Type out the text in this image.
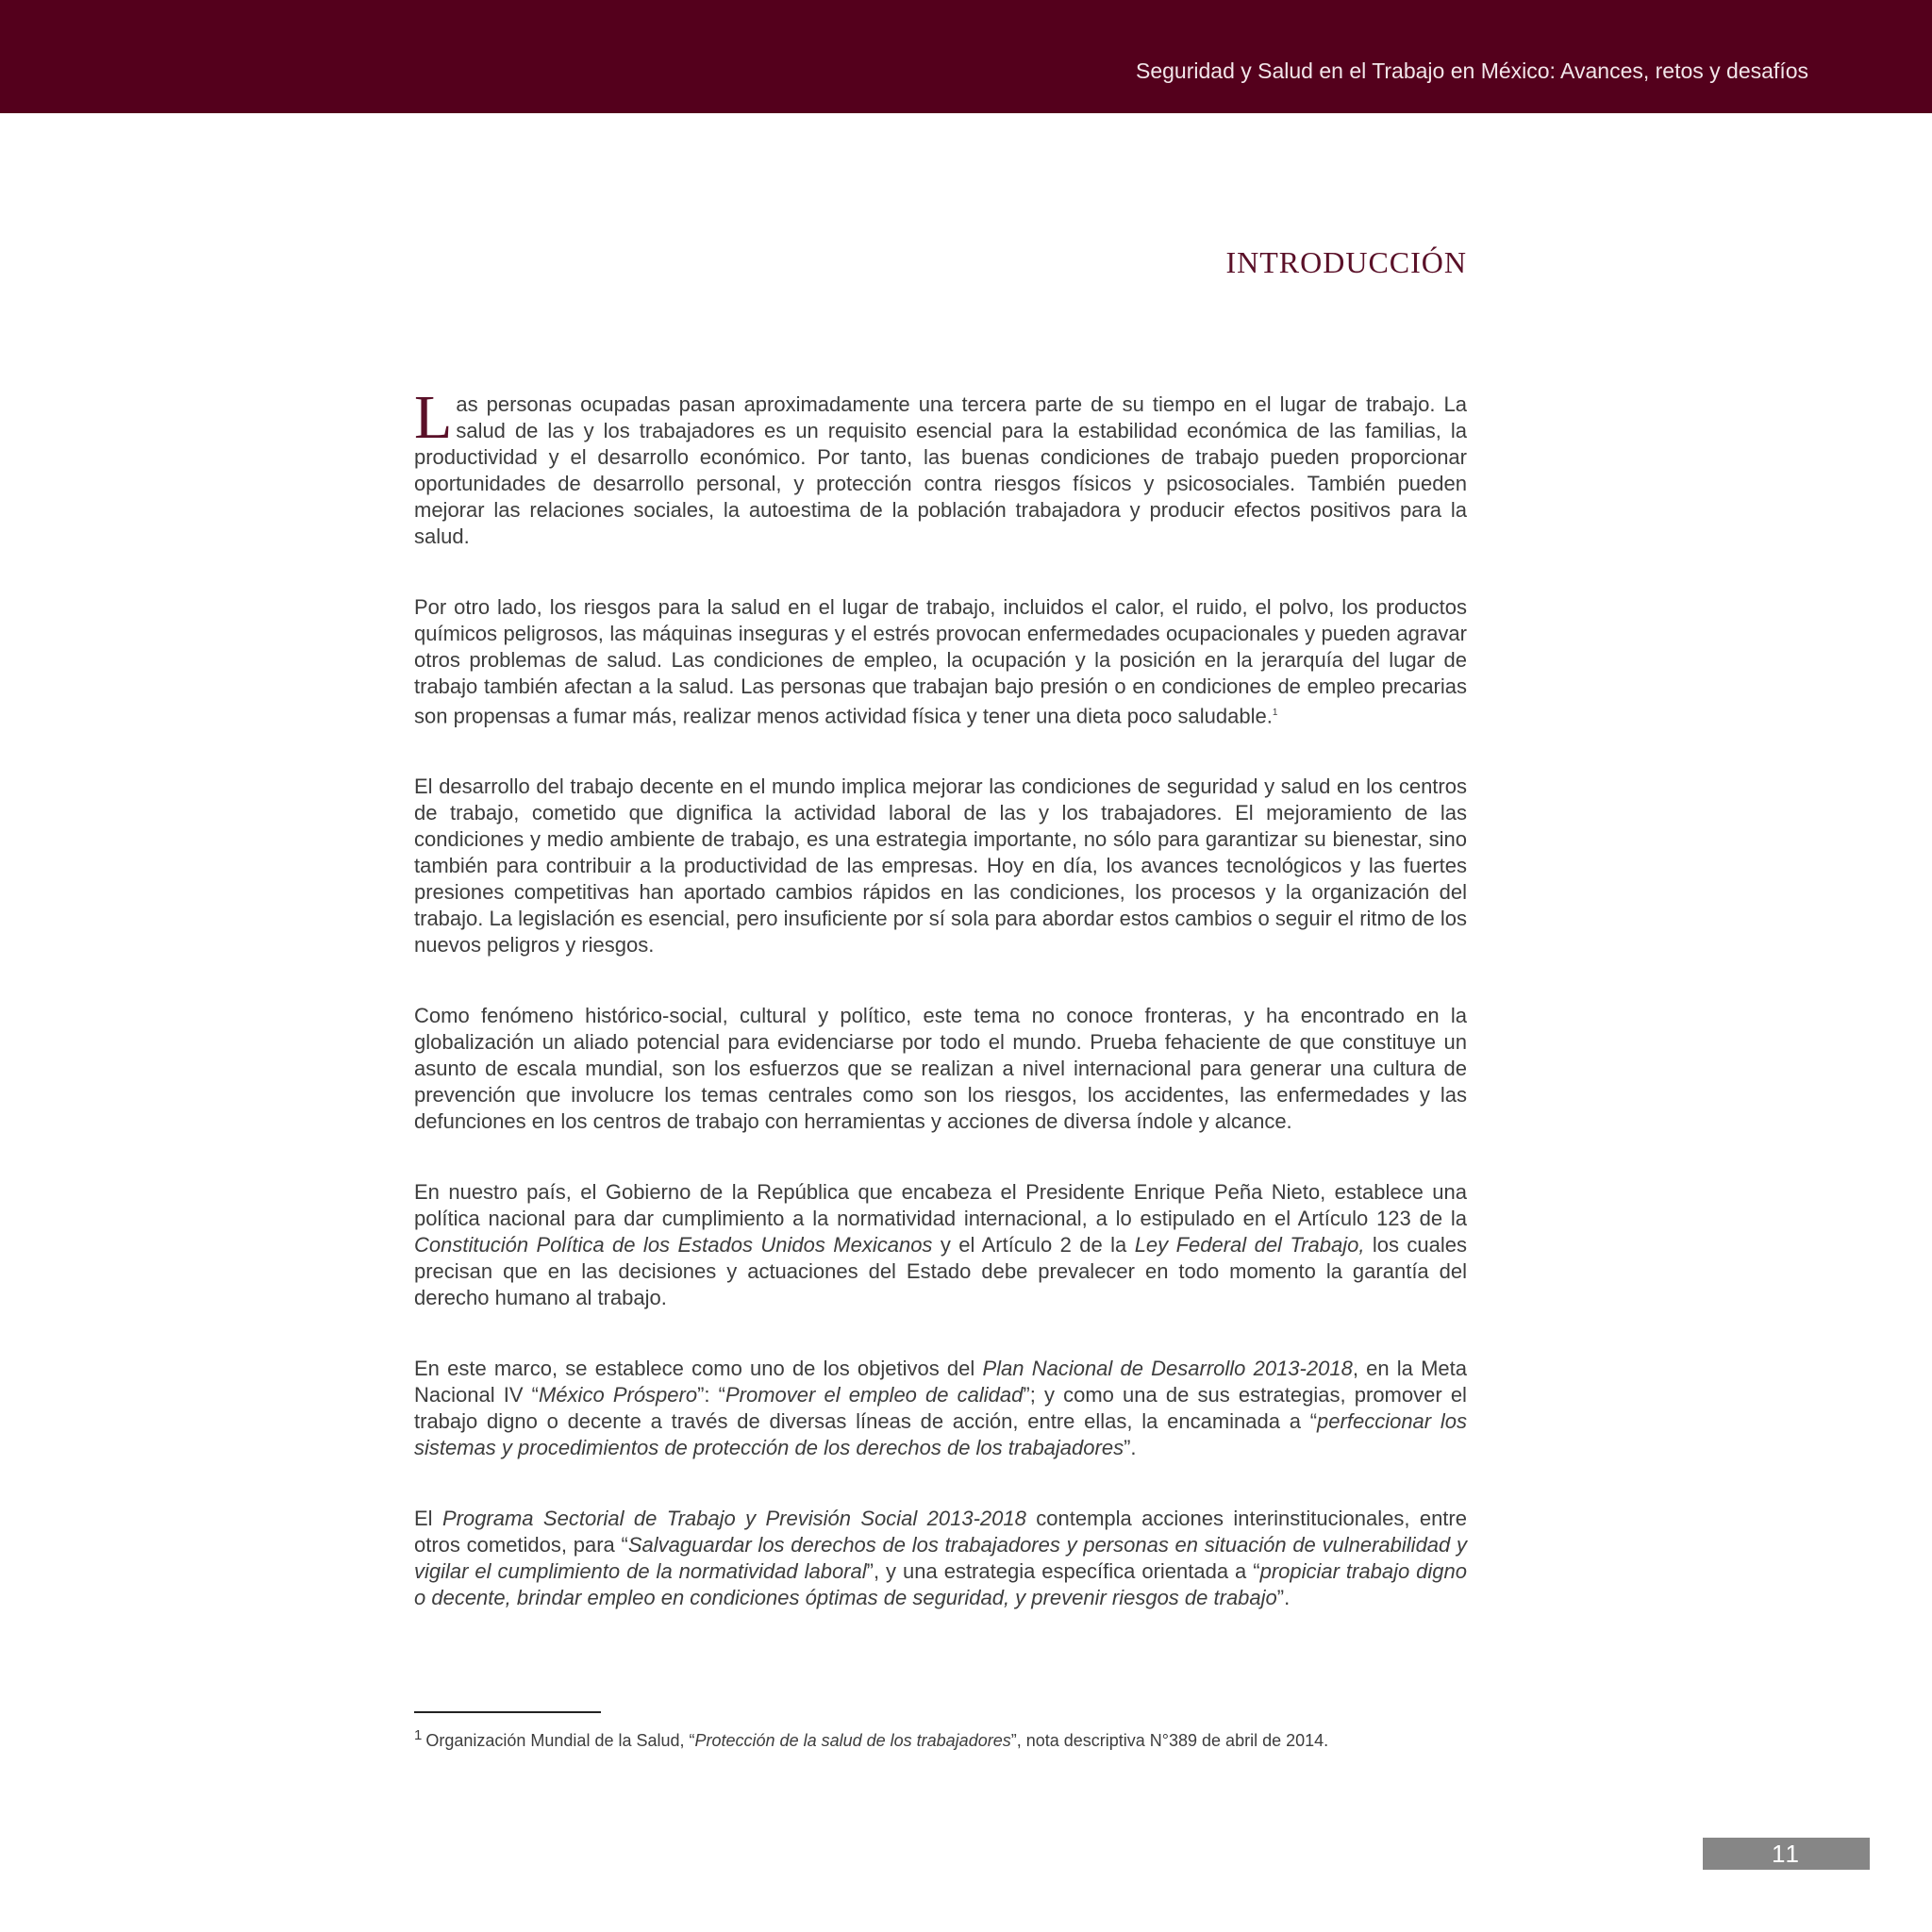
Seguridad y Salud en el Trabajo en México: Avances, retos y desafíos
INTRODUCCIÓN

Las personas ocupadas pasan aproximadamente una tercera parte de su tiempo en el lugar de trabajo. La salud de las y los trabajadores es un requisito esencial para la estabilidad económica de las familias, la productividad y el desarrollo económico. Por tanto, las buenas condiciones de trabajo pueden proporcionar oportunidades de desarrollo personal, y protección contra riesgos físicos y psicosociales. También pueden mejorar las relaciones sociales, la autoestima de la población trabajadora y producir efectos positivos para la salud.

Por otro lado, los riesgos para la salud en el lugar de trabajo, incluidos el calor, el ruido, el polvo, los productos químicos peligrosos, las máquinas inseguras y el estrés provocan enfermedades ocupacionales y pueden agravar otros problemas de salud. Las condiciones de empleo, la ocupación y la posición en la jerarquía del lugar de trabajo también afectan a la salud. Las personas que trabajan bajo presión o en condiciones de empleo precarias son propensas a fumar más, realizar menos actividad física y tener una dieta poco saludable.$^1$

El desarrollo del trabajo decente en el mundo implica mejorar las condiciones de seguridad y salud en los centros de trabajo, cometido que dignifica la actividad laboral de las y los trabajadores. El mejoramiento de las condiciones y medio ambiente de trabajo, es una estrategia importante, no sólo para garantizar su bienestar, sino también para contribuir a la productividad de las empresas. Hoy en día, los avances tecnológicos y las fuertes presiones competitivas han aportado cambios rápidos en las condiciones, los procesos y la organización del trabajo. La legislación es esencial, pero insuficiente por sí sola para abordar estos cambios o seguir el ritmo de los nuevos peligros y riesgos.

Como fenómeno histórico-social, cultural y político, este tema no conoce fronteras, y ha encontrado en la globalización un aliado potencial para evidenciarse por todo el mundo. Prueba fehaciente de que constituye un asunto de escala mundial, son los esfuerzos que se realizan a nivel internacional para generar una cultura de prevención que involucre los temas centrales como son los riesgos, los accidentes, las enfermedades y las defunciones en los centros de trabajo con herramientas y acciones de diversa índole y alcance.

En nuestro país, el Gobierno de la República que encabeza el Presidente Enrique Peña Nieto, establece una política nacional para dar cumplimiento a la normatividad internacional, a lo estipulado en el Artículo 123 de la Constitución Política de los Estados Unidos Mexicanos y el Artículo 2 de la Ley Federal del Trabajo, los cuales precisan que en las decisiones y actuaciones del Estado debe prevalecer en todo momento la garantía del derecho humano al trabajo.

En este marco, se establece como uno de los objetivos del Plan Nacional de Desarrollo 2013-2018, en la Meta Nacional IV “México Próspero”: “Promover el empleo de calidad”; y como una de sus estrategias, promover el trabajo digno o decente a través de diversas líneas de acción, entre ellas, la encaminada a “perfeccionar los sistemas y procedimientos de protección de los derechos de los trabajadores”.

El Programa Sectorial de Trabajo y Previsión Social 2013-2018 contempla acciones interinstitucionales, entre otros cometidos, para “Salvaguardar los derechos de los trabajadores y personas en situación de vulnerabilidad y vigilar el cumplimiento de la normatividad laboral”, y una estrategia específica orientada a “propiciar trabajo digno o decente, brindar empleo en condiciones óptimas de seguridad, y prevenir riesgos de trabajo”.

$^1$ Organización Mundial de la Salud, “Protección de la salud de los trabajadores”, nota descriptiva N°389 de abril de 2014.
11
